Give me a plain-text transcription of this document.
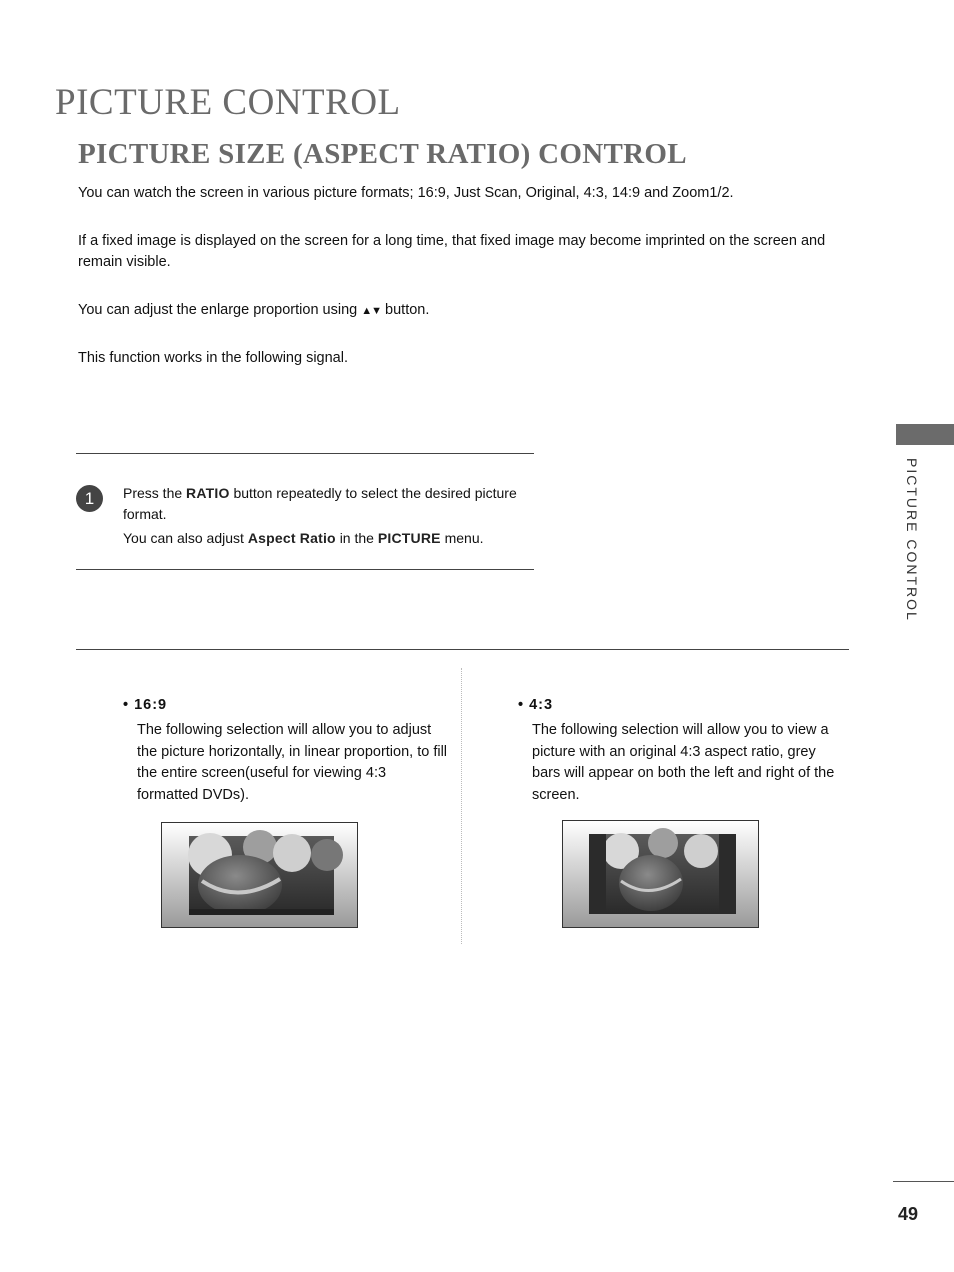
PICTURE CONTROL
PICTURE SIZE (ASPECT RATIO) CONTROL

You can watch the screen in various picture formats; 16:9, Just Scan, Original, 4:3, 14:9 and Zoom1/2.

If a fixed image is displayed on the screen for a long time, that fixed image may become imprinted on the screen and remain visible.

You can adjust the enlarge proportion using ▲▼ button.

This function works in the following signal.

1	Press the RATIO button repeatedly to select the desired picture format.
You can also adjust Aspect Ratio in the PICTURE menu.
• 16:9
The following selection will allow you to adjust the picture horizontally, in linear proportion, to fill the entire screen(useful for viewing 4:3 formatted DVDs).
• 4:3
The following selection will allow you to view a picture with an original 4:3 aspect ratio, grey bars will appear on both the left and right of the screen.
PICTURE CONTROL
49
